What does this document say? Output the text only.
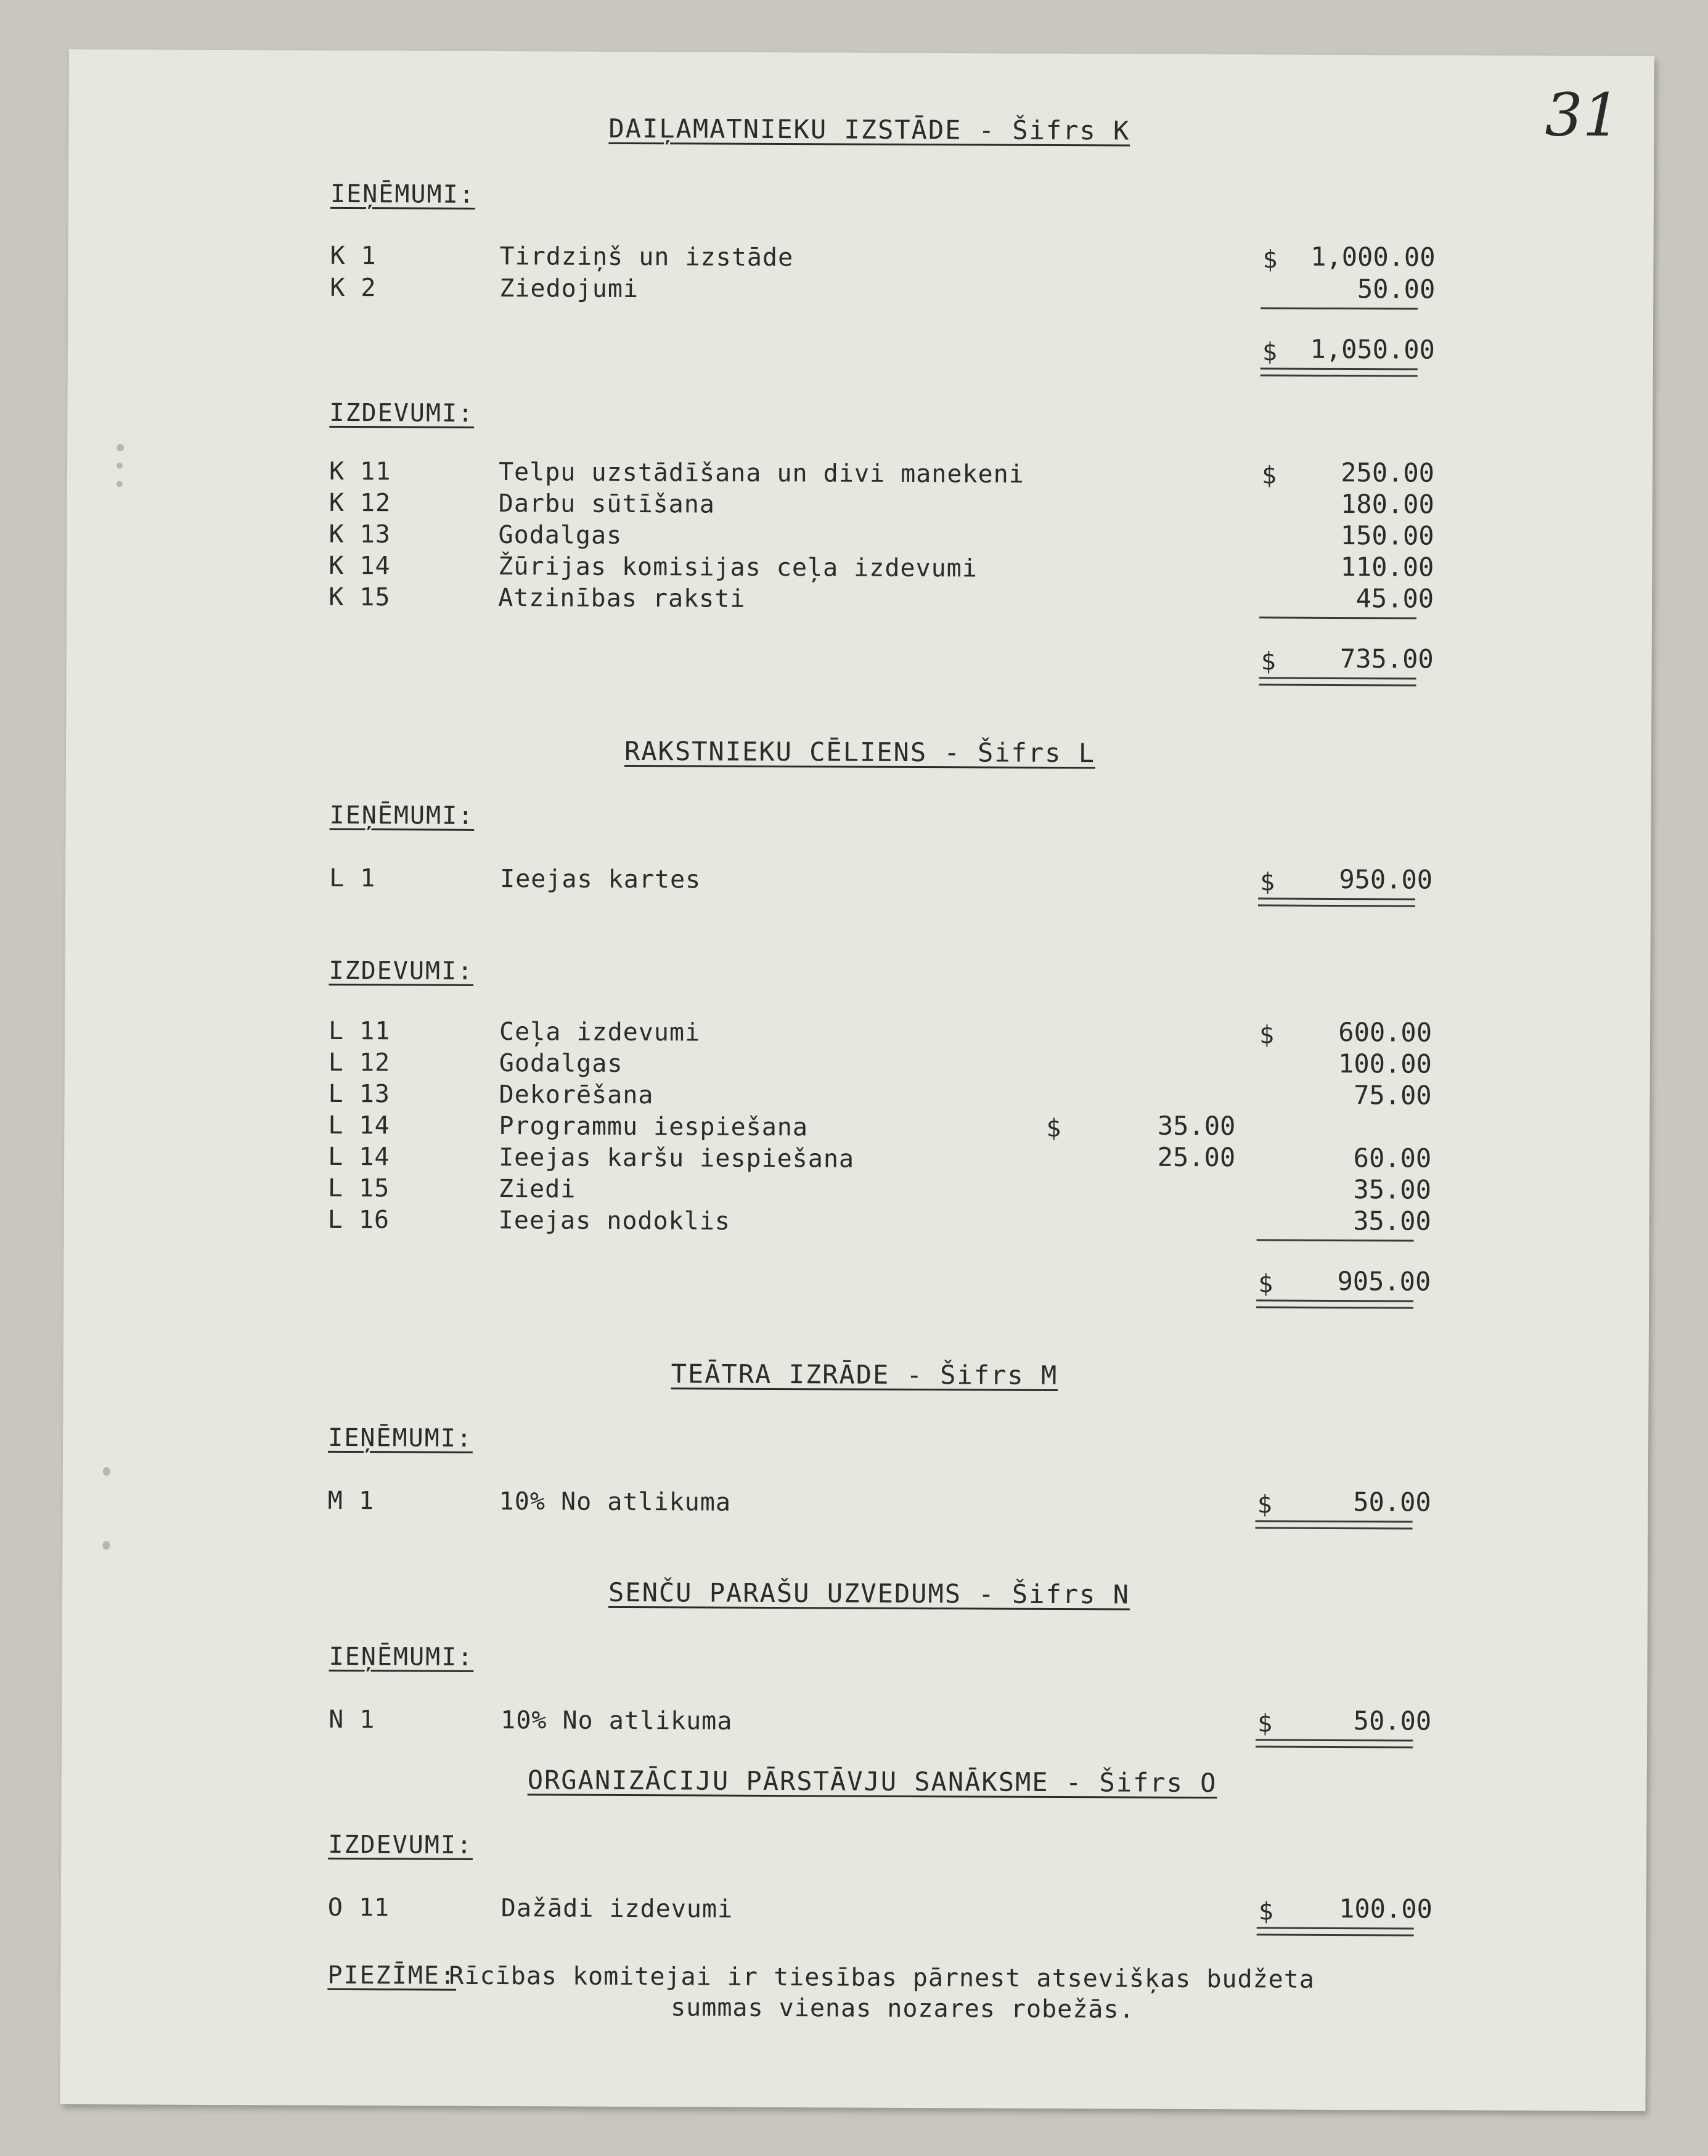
31
DAIĻAMATNIEKU IZSTĀDE - Šifrs K
IEŅĒMUMI:
K 1	Tirdziņš un izstāde	$	1,000.00
K 2	Ziedojumi	50.00
$	1,050.00
IZDEVUMI:
K 11	Telpu uzstādīšana un divi manekeni	$	250.00
K 12	Darbu sūtīšana	180.00
K 13	Godalgas	150.00
K 14	Žūrijas komisijas ceļa izdevumi	110.00
K 15	Atzinības raksti	45.00
$	735.00
RAKSTNIEKU CĒLIENS - Šifrs L
IEŅĒMUMI:
L 1	Ieejas kartes	$	950.00
IZDEVUMI:
L 11	Ceļa izdevumi	$	600.00
L 12	Godalgas	100.00
L 13	Dekorēšana	75.00
L 14	Programmu iespiešana	$	35.00
L 14	Ieejas karšu iespiešana	25.00	60.00
L 15	Ziedi	35.00
L 16	Ieejas nodoklis	35.00
$	905.00
TEĀTRA IZRĀDE - Šifrs M
IEŅĒMUMI:
M 1	10% No atlikuma	$	50.00
SENČU PARAŠU UZVEDUMS - Šifrs N
IEŅĒMUMI:
N 1	10% No atlikuma	$	50.00
ORGANIZĀCIJU PĀRSTĀVJU SANĀKSME - Šifrs O
IZDEVUMI:
O 11	Dažādi izdevumi	$	100.00
PIEZĪME:
Rīcības komitejai ir tiesības pārnest atsevišķas budžeta
summas vienas nozares robežās.
